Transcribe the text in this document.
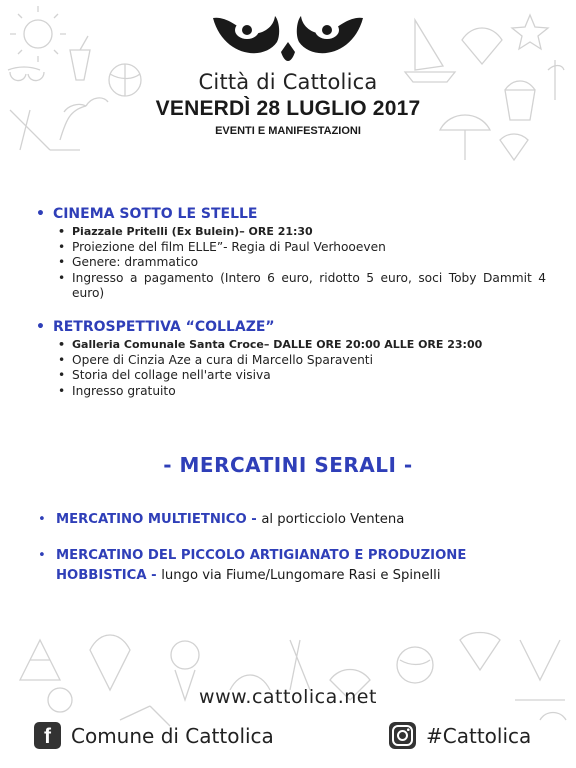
Città di Cattolica
VENERDÌ 28 LUGLIO 2017
EVENTI E MANIFESTAZIONI
• CINEMA SOTTO LE STELLE
• Piazzale Pritelli (Ex Bulein)– ORE 21:30
• Proiezione del film ELLE”- Regia di Paul Verhooeven
• Genere: drammatico
• Ingresso a pagamento (Intero 6 euro, ridotto 5 euro, soci Toby Dammit 4 euro)
• RETROSPETTIVA “COLLAZE”
• Galleria Comunale Santa Croce– DALLE ORE 20:00 ALLE ORE 23:00
• Opere di Cinzia Aze a cura di Marcello Sparaventi
• Storia del collage nell'arte visiva
• Ingresso gratuito
- MERCATINI SERALI -
• MERCATINO MULTIETNICO - al porticciolo Ventena
• MERCATINO DEL PICCOLO ARTIGIANATO E PRODUZIONE HOBBISTICA - lungo via Fiume/Lungomare Rasi e Spinelli
www.cattolica.net
f	Comune di Cattolica	#Cattolica
